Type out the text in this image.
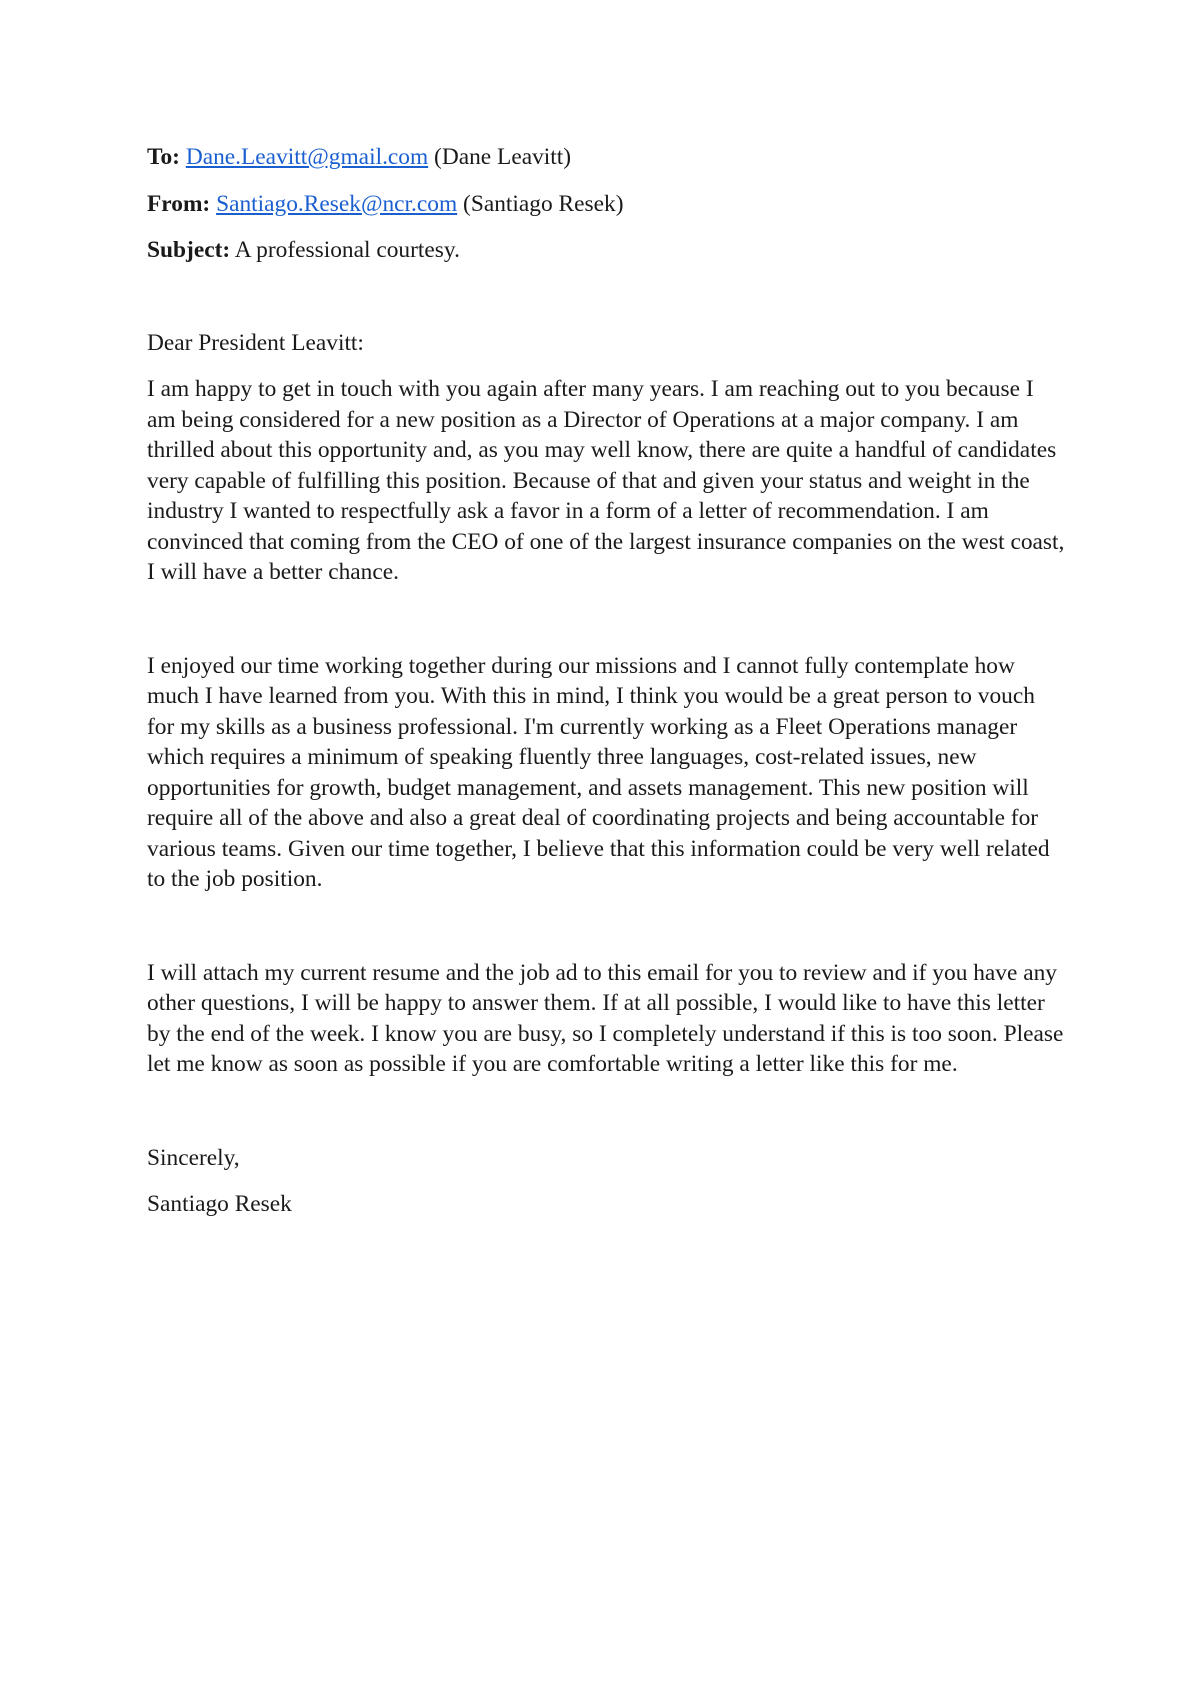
To: Dane.Leavitt@gmail.com (Dane Leavitt)
From: Santiago.Resek@ncr.com (Santiago Resek)
Subject: A professional courtesy.

Dear President Leavitt:

I am happy to get in touch with you again after many years. I am reaching out to you because I am being considered for a new position as a Director of Operations at a major company. I am thrilled about this opportunity and, as you may well know, there are quite a handful of candidates very capable of fulfilling this position. Because of that and given your status and weight in the industry I wanted to respectfully ask a favor in a form of a letter of recommendation. I am convinced that coming from the CEO of one of the largest insurance companies on the west coast, I will have a better chance.

I enjoyed our time working together during our missions and I cannot fully contemplate how much I have learned from you. With this in mind, I think you would be a great person to vouch for my skills as a business professional. I'm currently working as a Fleet Operations manager which requires a minimum of speaking fluently three languages, cost-related issues, new opportunities for growth, budget management, and assets management. This new position will require all of the above and also a great deal of coordinating projects and being accountable for various teams. Given our time together, I believe that this information could be very well related to the job position.

I will attach my current resume and the job ad to this email for you to review and if you have any other questions, I will be happy to answer them. If at all possible, I would like to have this letter by the end of the week. I know you are busy, so I completely understand if this is too soon. Please let me know as soon as possible if you are comfortable writing a letter like this for me.

Sincerely,

Santiago Resek
